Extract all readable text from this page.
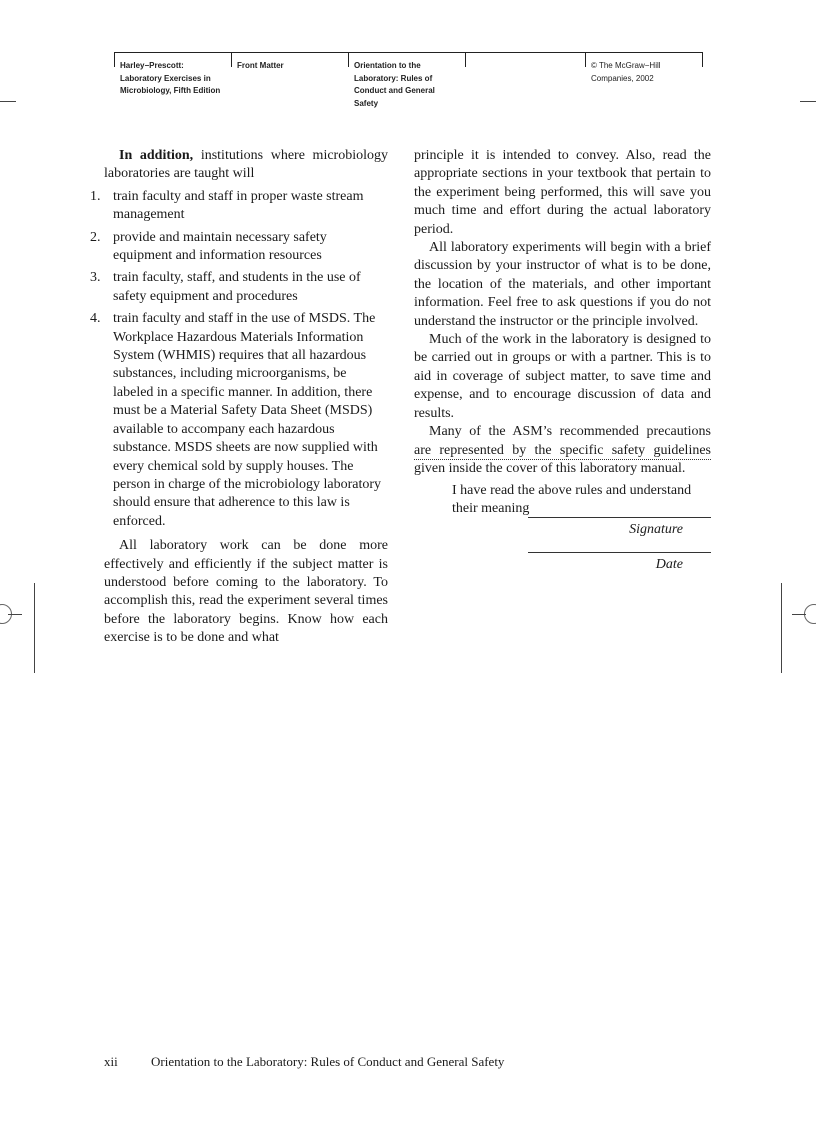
Harley−Prescott:
Laboratory Exercises in
Microbiology, Fifth Edition
Front Matter	Orientation to the
Laboratory: Rules of
Conduct and General
Safety
© The McGraw−Hill
Companies, 2002

In addition, institutions where microbiology laboratories are taught will

1. train faculty and staff in proper waste stream management
2. provide and maintain necessary safety equipment and information resources
3. train faculty, staff, and students in the use of safety equipment and procedures
4. train faculty and staff in the use of MSDS. The Workplace Hazardous Materials Information System (WHMIS) requires that all hazardous substances, including microorganisms, be labeled in a specific manner. In addition, there must be a Material Safety Data Sheet (MSDS) available to accompany each hazardous substance. MSDS sheets are now supplied with every chemical sold by supply houses. The person in charge of the microbiology laboratory should ensure that adherence to this law is enforced.

All laboratory work can be done more effectively and efficiently if the subject matter is understood before coming to the laboratory. To accomplish this, read the experiment several times before the laboratory begins. Know how each exercise is to be done and what

principle it is intended to convey. Also, read the appropriate sections in your textbook that pertain to the experiment being performed, this will save you much time and effort during the actual laboratory period.

All laboratory experiments will begin with a brief discussion by your instructor of what is to be done, the location of the materials, and other important information. Feel free to ask questions if you do not understand the instructor or the principle involved.

Much of the work in the laboratory is designed to be carried out in groups or with a partner. This is to aid in coverage of subject matter, to save time and expense, and to encourage discussion of data and results.

Many of the ASM’s recommended precautions are represented by the specific safety guidelines given inside the cover of this laboratory manual.

I have read the above rules and understand their meaning
Signature
Date
xii	Orientation to the Laboratory: Rules of Conduct and General Safety
